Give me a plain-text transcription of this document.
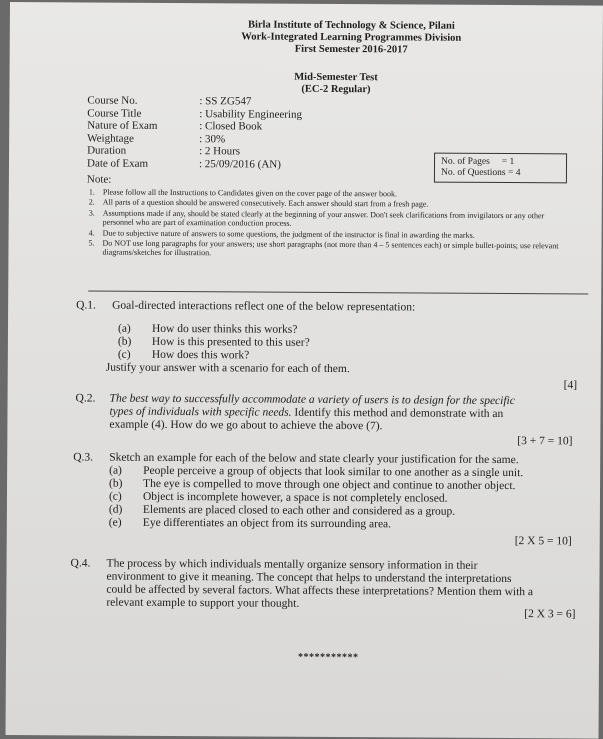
Birla Institute of Technology & Science, Pilani
Work-Integrated Learning Programmes Division
First Semester 2016-2017
Mid-Semester Test
(EC-2 Regular)
Course No.	: SS ZG547
Course Title	: Usability Engineering
Nature of Exam	: Closed Book
Weightage	: 30%
Duration	: 2 Hours
Date of Exam	: 25/09/2016 (AN)	No. of Pages     = 1
No. of Questions = 4
Note:
1. Please follow all the Instructions to Candidates given on the cover page of the answer book.
2. All parts of a question should be answered consecutively. Each answer should start from a fresh page.
3. Assumptions made if any, should be stated clearly at the beginning of your answer. Don't seek clarifications from invigilators or any other personnel who are part of examination conduction process.
4. Due to subjective nature of answers to some questions, the judgment of the instructor is final in awarding the marks.
5. Do NOT use long paragraphs for your answers; use short paragraphs (not more than 4 – 5 sentences each) or simple bullet-points; use relevant diagrams/sketches for illustration.
Q.1. Goal-directed interactions reflect one of the below representation:
(a)	How do user thinks this works?
(b)	How is this presented to this user?
(c)	How does this work?
Justify your answer with a scenario for each of them.
[4]
Q.2. The best way to successfully accommodate a variety of users is to design for the specific
types of individuals with specific needs. Identify this method and demonstrate with an
example (4). How do we go about to achieve the above (7).
[3 + 7 = 10]
Q.3. Sketch an example for each of the below and state clearly your justification for the same.
(a)	People perceive a group of objects that look similar to one another as a single unit.
(b)	The eye is compelled to move through one object and continue to another object.
(c)	Object is incomplete however, a space is not completely enclosed.
(d)	Elements are placed closed to each other and considered as a group.
(e)	Eye differentiates an object from its surrounding area.
[2 X 5 = 10]
Q.4. The process by which individuals mentally organize sensory information in their
environment to give it meaning. The concept that helps to understand the interpretations
could be affected by several factors. What affects these interpretations? Mention them with a
relevant example to support your thought.
[2 X 3 = 6]
***********
